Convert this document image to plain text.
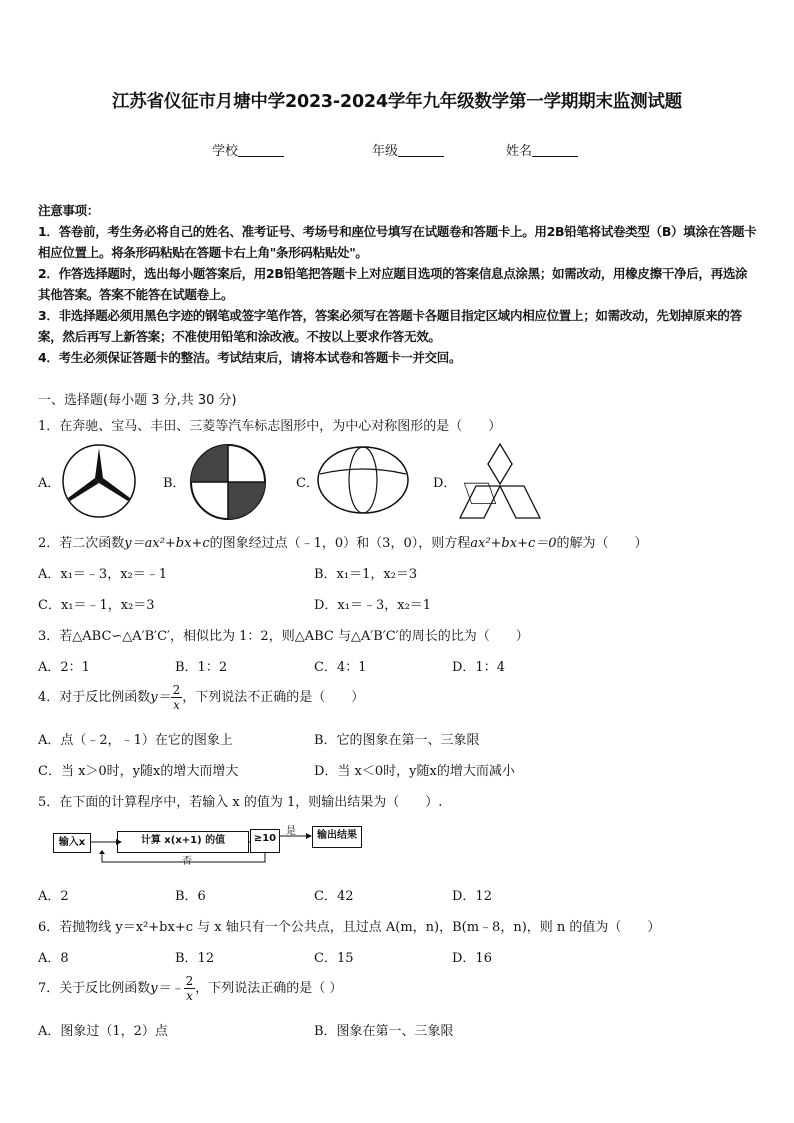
江苏省仪征市月塘中学2023-2024学年九年级数学第一学期期末监测试题
学校	年级	姓名
注意事项：
1．答卷前，考生务必将自己的姓名、准考证号、考场号和座位号填写在试题卷和答题卡上。用2B铅笔将试卷类型（B）填涂在答题卡相应位置上。将条形码粘贴在答题卡右上角"条形码粘贴处"。
2．作答选择题时，选出每小题答案后，用2B铅笔把答题卡上对应题目选项的答案信息点涂黑；如需改动，用橡皮擦干净后，再选涂其他答案。答案不能答在试题卷上。
3．非选择题必须用黑色字迹的钢笔或签字笔作答，答案必须写在答题卡各题目指定区域内相应位置上；如需改动，先划掉原来的答案，然后再写上新答案；不准使用铅笔和涂改液。不按以上要求作答无效。
4．考生必须保证答题卡的整洁。考试结束后，请将本试卷和答题卡一并交回。
一、选择题(每小题 3 分,共 30 分)
1．在奔驰、宝马、丰田、三菱等汽车标志图形中，为中心对称图形的是（　　）
A．	B．	C．	D．
2．若二次函数y＝ax²+bx+c的图象经过点（﹣1，0）和（3，0），则方程ax²+bx+c＝0的解为（　　）
A．x₁＝﹣3，x₂＝﹣1	B．x₁＝1，x₂＝3
C．x₁＝﹣1，x₂＝3	D．x₁＝﹣3，x₂＝1
3．若△ABC∽△A′B′C′，相似比为 1：2，则△ABC 与△A′B′C′的周长的比为（　　）
A．2：1	B．1：2	C．4：1	D．1：4
4．对于反比例函数$y= \frac{2}{x}$ ，下列说法不正确的是（　　）
A．点（﹣2，﹣1）在它的图象上	B．它的图象在第一、三象限
C．当 x＞0时，y随x的增大而增大	D．当 x＜0时，y随x的增大而减小
5．在下面的计算程序中，若输入 x 的值为 1，则输出结果为（　　）.
输入x	计算 x(x+1) 的值	≥10	输出结果
是
否
A．2	B．6	C．42	D．12
6．若抛物线 y＝x²+bx+c 与 x 轴只有一个公共点，且过点 A(m，n)，B(m﹣8，n)，则 n 的值为（　　）
A．8	B．12	C．15	D．16
7．关于反比例函数y＝﹣ $\frac{2}{x}$ ，下列说法正确的是（ ）
A．图象过（1，2）点	B．图象在第一、三象限
